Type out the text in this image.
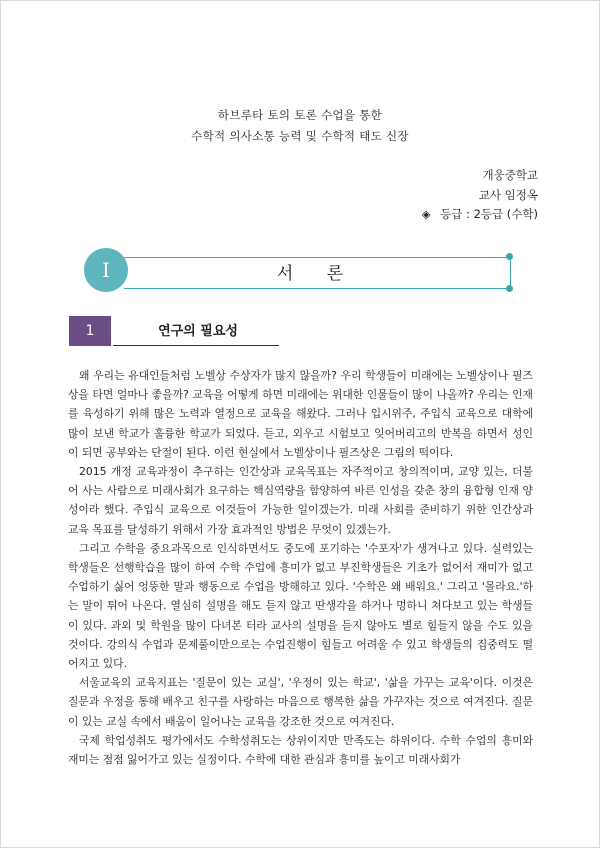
하브루타 토의 토론 수업을 통한
수학적 의사소통 능력 및 수학적 태도 신장
개웅중학교
교사 임정옥
◈ 등급 : 2등급 (수학)
I	서 론
1	연구의 필요성

왜 우리는 유대인들처럼 노벨상 수상자가 많지 않을까? 우리 학생들이 미래에는 노벨상이나 필즈상을 타면 얼마나 좋을까? 교육을 어떻게 하면 미래에는 위대한 인물들이 많이 나올까? 우리는 인재를 육성하기 위해 많은 노력과 열정으로 교육을 해왔다. 그러나 입시위주, 주입식 교육으로 대학에 많이 보낸 학교가 훌륭한 학교가 되었다. 듣고, 외우고 시험보고 잊어버리고의 반복을 하면서 성인이 되면 공부와는 단절이 된다. 이런 현실에서 노벨상이나 필즈상은 그림의 떡이다.

2015 개정 교육과정이 추구하는 인간상과 교육목표는 자주적이고 창의적이며, 교양 있는, 더불어 사는 사람으로 미래사회가 요구하는 핵심역량을 함양하여 바른 인성을 갖춘 창의 융합형 인재 양성이라 했다. 주입식 교육으로 이것들이 가능한 일이겠는가. 미래 사회를 준비하기 위한 인간상과 교육 목표를 달성하기 위해서 가장 효과적인 방법은 무엇이 있겠는가.

그리고 수학을 중요과목으로 인식하면서도 중도에 포기하는 '수포자'가 생겨나고 있다. 실력있는 학생들은 선행학습을 많이 하여 수학 수업에 흥미가 없고 부진학생들은 기초가 없어서 재미가 없고 수업하기 싫어 엉뚱한 말과 행동으로 수업을 방해하고 있다. '수학은 왜 배워요.' 그리고 '몰라요.'하는 말이 튀어 나온다. 열심히 설명을 해도 듣지 않고 딴생각을 하거나 멍하니 쳐다보고 있는 학생들이 있다. 과외 및 학원을 많이 다녀본 터라 교사의 설명을 듣지 않아도 별로 힘들지 않을 수도 있을 것이다. 강의식 수업과 문제풀이만으로는 수업진행이 힘들고 어려울 수 있고 학생들의 집중력도 떨어지고 있다.

서울교육의 교육지표는 '질문이 있는 교실', '우정이 있는 학교', '삶을 가꾸는 교육'이다. 이것은 질문과 우정을 통해 배우고 친구를 사랑하는 마음으로 행복한 삶을 가꾸자는 것으로 여겨진다. 질문이 있는 교실 속에서 배움이 일어나는 교육을 강조한 것으로 여겨진다.

국제 학업성취도 평가에서도 수학성취도는 상위이지만 만족도는 하위이다. 수학 수업의 흥미와 재미는 점점 잃어가고 있는 실정이다. 수학에 대한 관심과 흥미를 높이고 미래사회가
